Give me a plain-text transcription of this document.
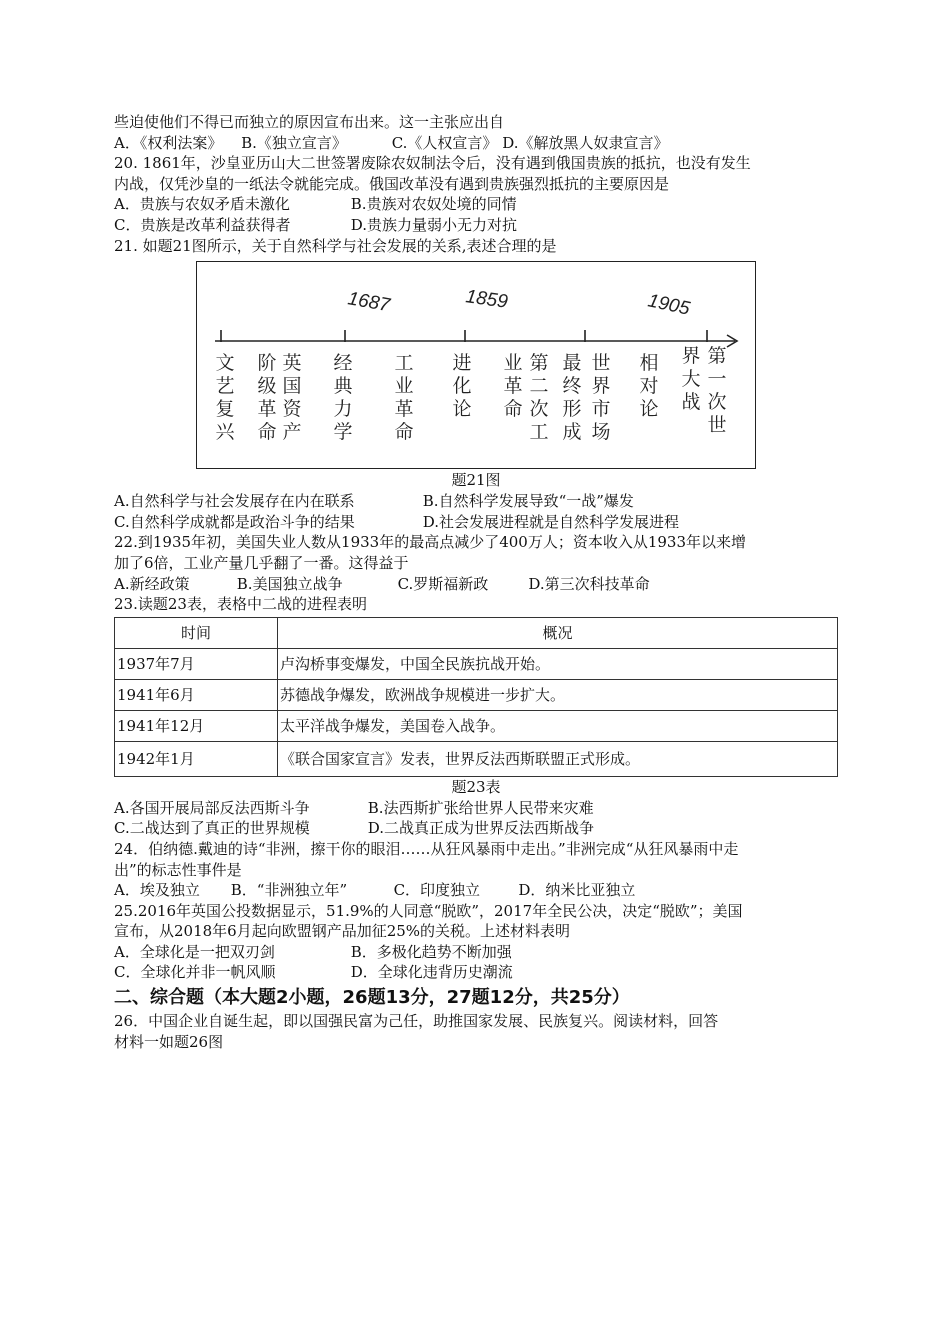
些迫使他们不得已而独立的原因宣布出来。这一主张应出自
A．《权利法案》 B.《独立宣言》	C.《人权宣言》 D.《解放黑人奴隶宣言》
20. 1861年，沙皇亚历山大二世签署废除农奴制法令后，没有遇到俄国贵族的抵抗，也没有发生
内战，仅凭沙皇的一纸法令就能完成。俄国改革没有遇到贵族强烈抵抗的主要原因是
A．贵族与农奴矛盾未激化	B.贵族对农奴处境的同情
C．贵族是改革利益获得者	D.贵族力量弱小无力对抗
21. 如题21图所示，关于自然科学与社会发展的关系,表述合理的是
1687	1859	1905
文
艺
复
兴
阶
级
革
命
英
国
资
产
经
典
力
学
工
业
革
命
进
化
论
业
革
命
第
二
次
工
最
终
形
成
世
界
市
场
相
对
论
界
大
战
第
一
次
世
题21图
A.自然科学与社会发展存在内在联系	B.自然科学发展导致“一战”爆发
C.自然科学成就都是政治斗争的结果	D.社会发展进程就是自然科学发展进程
22.到1935年初，美国失业人数从1933年的最高点减少了400万人；资本收入从1933年以来增
加了6倍，工业产量几乎翻了一番。这得益于
A.新经政策	B.美国独立战争	C.罗斯福新政	D.第三次科技革命
23.读题23表，表格中二战的进程表明
时间	概况
1937年7月	卢沟桥事变爆发，中国全民族抗战开始。
1941年6月	苏德战争爆发，欧洲战争规模进一步扩大。
1941年12月	太平洋战争爆发，美国卷入战争。
1942年1月	《联合国家宣言》发表，世界反法西斯联盟正式形成。
题23表
A.各国开展局部反法西斯斗争	B.法西斯扩张给世界人民带来灾难
C.二战达到了真正的世界规模	D.二战真正成为世界反法西斯战争
24．伯纳德.戴迪的诗“非洲，擦干你的眼泪……从狂风暴雨中走出。”非洲完成“从狂风暴雨中走
出”的标志性事件是
A．埃及独立 B．“非洲独立年”	C．印度独立	D．纳米比亚独立
25.2016年英国公投数据显示，51.9%的人同意“脱欧”，2017年全民公决，决定“脱欧”；美国
宣布，从2018年6月起向欧盟钢产品加征25%的关税。上述材料表明
A．全球化是一把双刃剑	B．多极化趋势不断加强
C．全球化并非一帆风顺	D．全球化违背历史潮流
二、综合题（本大题2小题，26题13分，27题12分，共25分）
26．中国企业自诞生起，即以国强民富为己任，助推国家发展、民族复兴。阅读材料，回答
材料一如题26图
